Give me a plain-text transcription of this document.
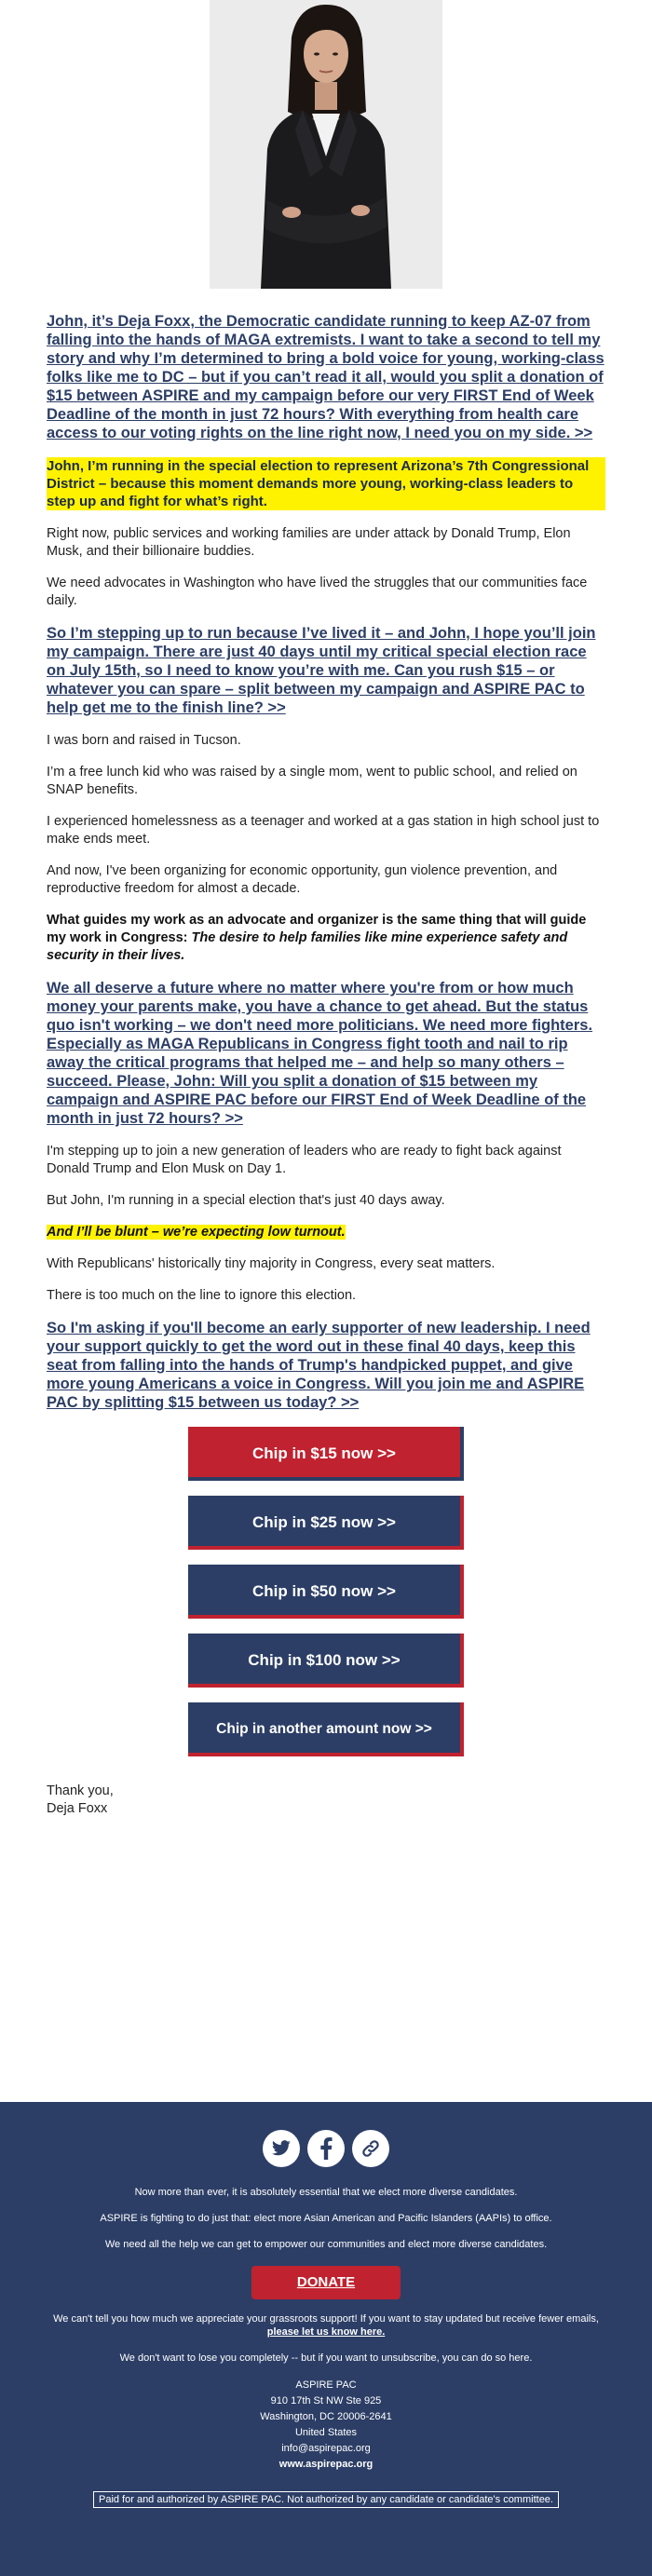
John, it’s Deja Foxx, the Democratic candidate running to keep AZ-07 from falling into the hands of MAGA extremists. I want to take a second to tell my story and why I’m determined to bring a bold voice for young, working-class folks like me to DC – but if you can’t read it all, would you split a donation of $15 between ASPIRE and my campaign before our very FIRST End of Week Deadline of the month in just 72 hours? With everything from health care access to our voting rights on the line right now, I need you on my side. >>
John, I’m running in the special election to represent Arizona’s 7th Congressional District – because this moment demands more young, working-class leaders to step up and fight for what’s right.

Right now, public services and working families are under attack by Donald Trump, Elon Musk, and their billionaire buddies.

We need advocates in Washington who have lived the struggles that our communities face daily.

So I’m stepping up to run because I’ve lived it – and John, I hope you’ll join my campaign. There are just 40 days until my critical special election race on July 15th, so I need to know you’re with me. Can you rush $15 – or whatever you can spare – split between my campaign and ASPIRE PAC to help get me to the finish line? >>

I was born and raised in Tucson.

I’m a free lunch kid who was raised by a single mom, went to public school, and relied on SNAP benefits.

I experienced homelessness as a teenager and worked at a gas station in high school just to make ends meet.

And now, I've been organizing for economic opportunity, gun violence prevention, and reproductive freedom for almost a decade.

What guides my work as an advocate and organizer is the same thing that will guide my work in Congress: The desire to help families like mine experience safety and security in their lives.

We all deserve a future where no matter where you're from or how much money your parents make, you have a chance to get ahead. But the status quo isn't working – we don't need more politicians. We need more fighters. Especially as MAGA Republicans in Congress fight tooth and nail to rip away the critical programs that helped me – and help so many others – succeed. Please, John: Will you split a donation of $15 between my campaign and ASPIRE PAC before our FIRST End of Week Deadline of the month in just 72 hours? >>

I'm stepping up to join a new generation of leaders who are ready to fight back against Donald Trump and Elon Musk on Day 1.

But John, I'm running in a special election that's just 40 days away.

And I’ll be blunt – we’re expecting low turnout.

With Republicans' historically tiny majority in Congress, every seat matters.

There is too much on the line to ignore this election.

So I'm asking if you'll become an early supporter of new leadership. I need your support quickly to get the word out in these final 40 days, keep this seat from falling into the hands of Trump's handpicked puppet, and give more young Americans a voice in Congress. Will you join me and ASPIRE PAC by splitting $15 between us today? >>
Chip in $15 now >>
Chip in $25 now >>
Chip in $50 now >>
Chip in $100 now >>
Chip in another amount now >>
Thank you,
Deja Foxx

Now more than ever, it is absolutely essential that we elect more diverse candidates.

ASPIRE is fighting to do just that: elect more Asian American and Pacific Islanders (AAPIs) to office.

We need all the help we can get to empower our communities and elect more diverse candidates.

DONATE

We can't tell you how much we appreciate your grassroots support! If you want to stay updated but receive fewer emails,
please let us know here.

We don't want to lose you completely -- but if you want to unsubscribe, you can do so here.

ASPIRE PAC
910 17th St NW Ste 925
Washington, DC 20006-2641
United States
info@aspirepac.org
www.aspirepac.org
Paid for and authorized by ASPIRE PAC. Not authorized by any candidate or candidate's committee.
